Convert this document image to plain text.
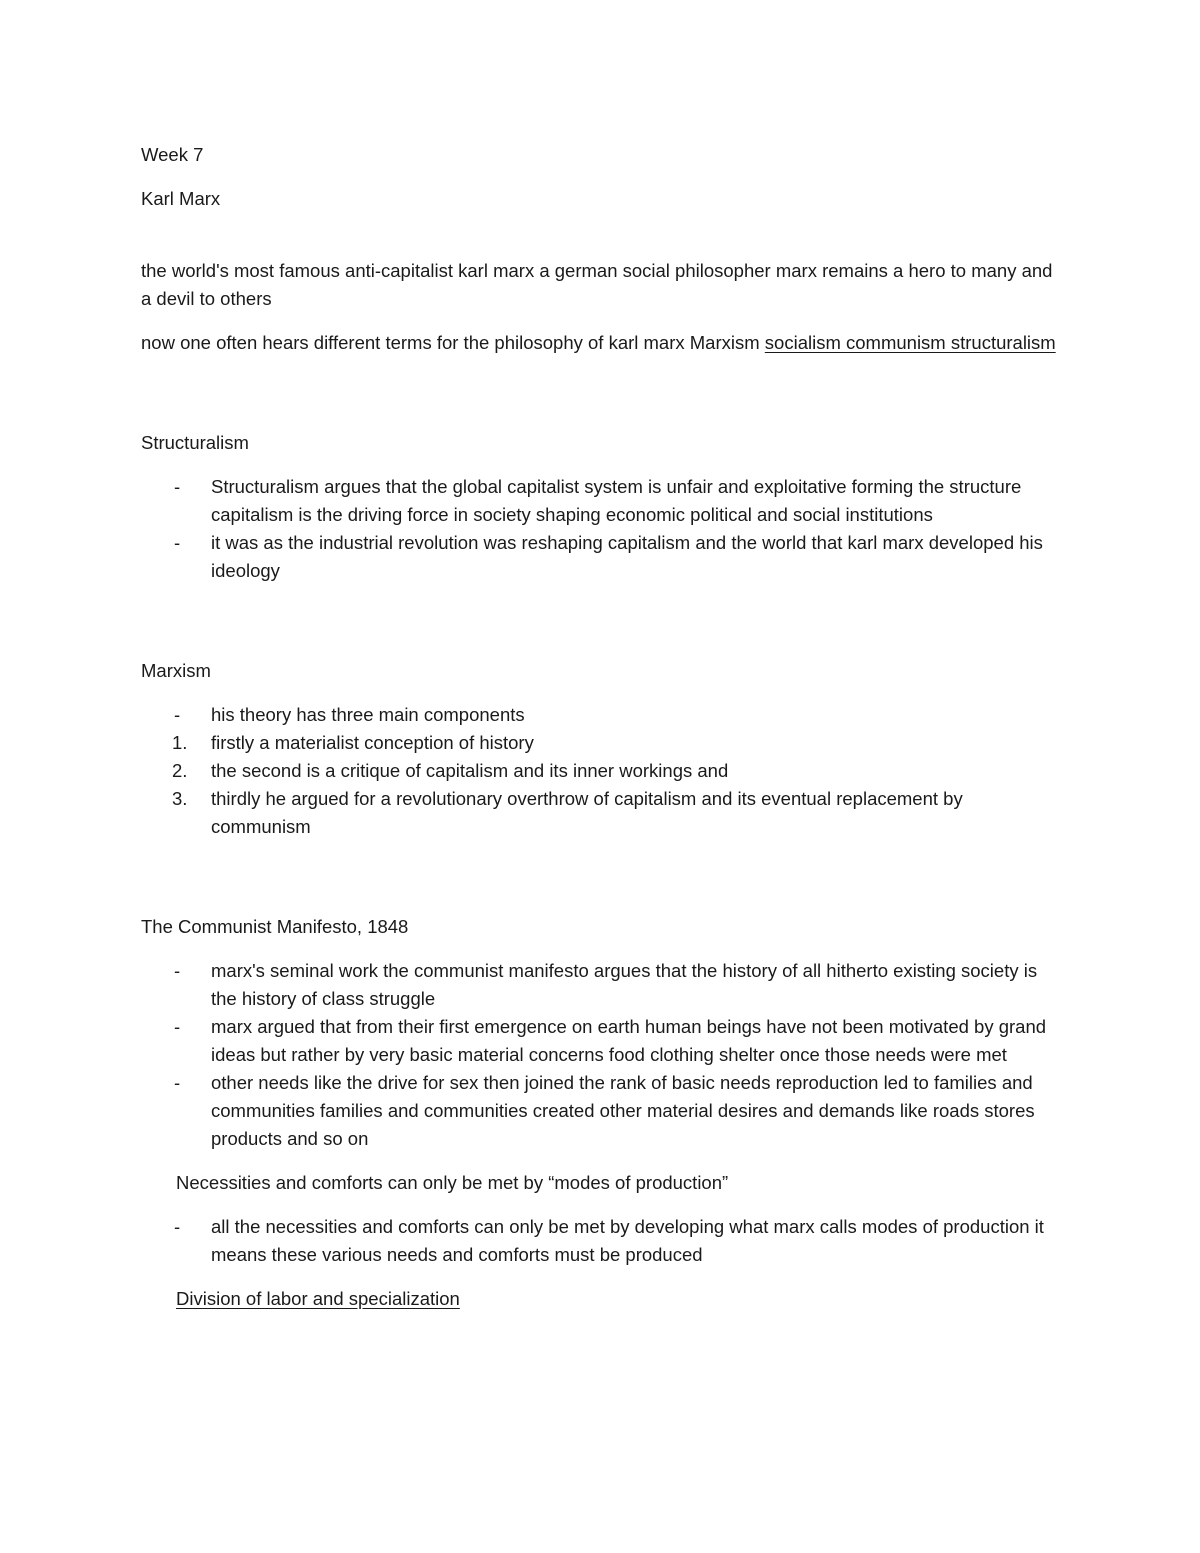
Week 7

Karl Marx

the world's most famous anti-capitalist karl marx a german social philosopher marx remains a hero to many and a devil to others

now one often hears different terms for the philosophy of karl marx Marxism socialism communism structuralism

Structuralism

- Structuralism argues that the global capitalist system is unfair and exploitative forming the structure capitalism is the driving force in society shaping economic political and social institutions
- it was as the industrial revolution was reshaping capitalism and the world that karl marx developed his ideology

Marxism

- his theory has three main components
1. firstly a materialist conception of history
2. the second is a critique of capitalism and its inner workings and
3. thirdly he argued for a revolutionary overthrow of capitalism and its eventual replacement by communism

The Communist Manifesto, 1848

- marx's seminal work the communist manifesto argues that the history of all hitherto existing society is the history of class struggle
- marx argued that from their first emergence on earth human beings have not been motivated by grand ideas but rather by very basic material concerns food clothing shelter once those needs were met
- other needs like the drive for sex then joined the rank of basic needs reproduction led to families and communities families and communities created other material desires and demands like roads stores products and so on

Necessities and comforts can only be met by “modes of production”

- all the necessities and comforts can only be met by developing what marx calls modes of production it means these various needs and comforts must be produced

Division of labor and specialization
